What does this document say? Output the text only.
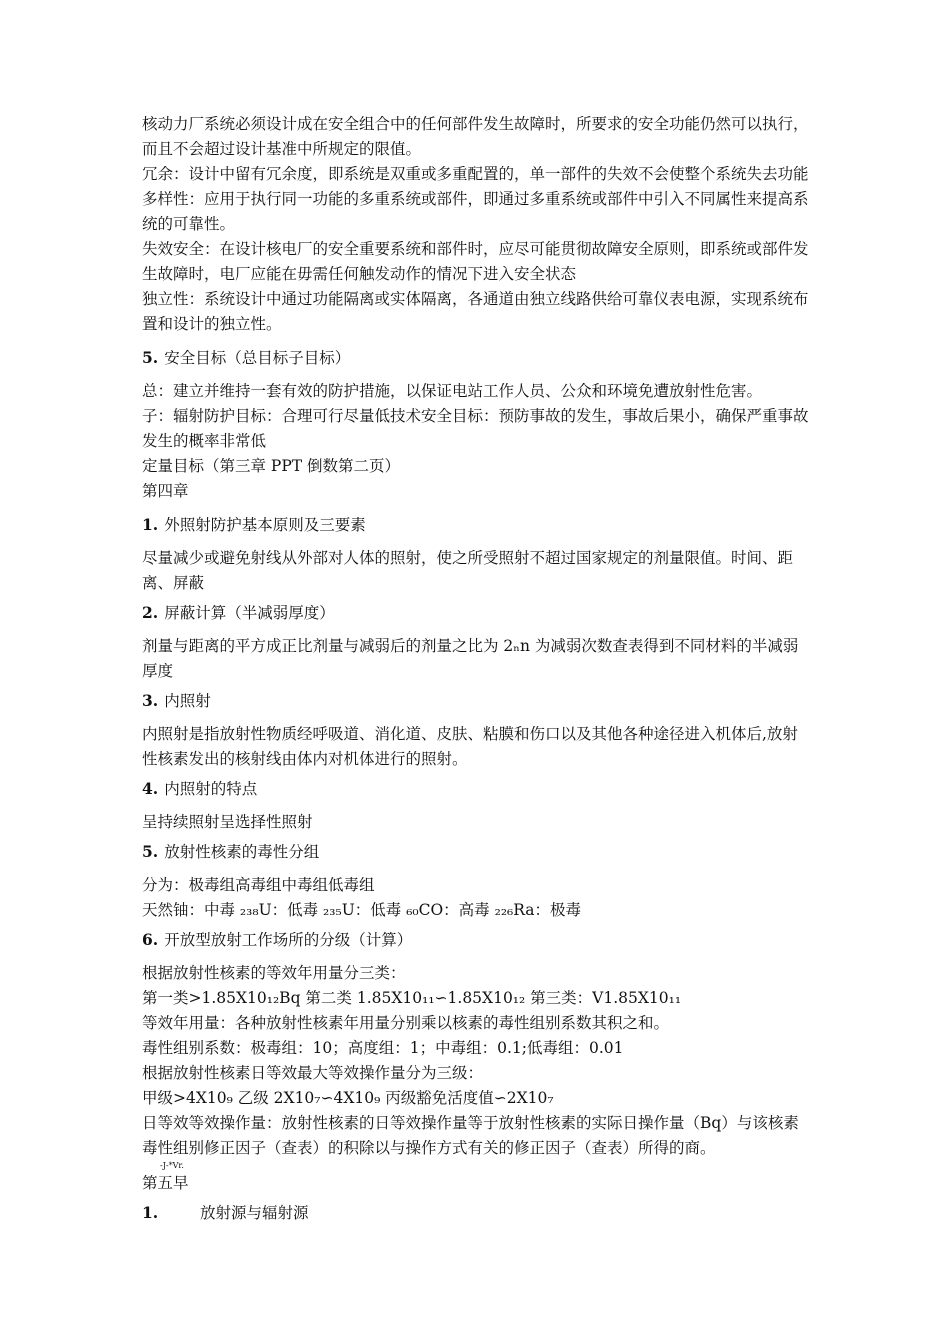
核动力厂系统必须设计成在安全组合中的任何部件发生故障时，所要求的安全功能仍然可以执行，而且不会超过设计基准中所规定的限值。

冗余：设计中留有冗余度，即系统是双重或多重配置的，单一部件的失效不会使整个系统失去功能

多样性：应用于执行同一功能的多重系统或部件，即通过多重系统或部件中引入不同属性来提高系统的可靠性。

失效安全：在设计核电厂的安全重要系统和部件时，应尽可能贯彻故障安全原则，即系统或部件发生故障时，电厂应能在毋需任何触发动作的情况下进入安全状态

独立性：系统设计中通过功能隔离或实体隔离，各通道由独立线路供给可靠仪表电源，实现系统布置和设计的独立性。

5. 安全目标（总目标子目标）

总：建立并维持一套有效的防护措施，以保证电站工作人员、公众和环境免遭放射性危害。

子：辐射防护目标：合理可行尽量低技术安全目标：预防事故的发生，事故后果小，确保严重事故发生的概率非常低

定量目标（第三章 PPT 倒数第二页）

第四章

1. 外照射防护基本原则及三要素

尽量减少或避免射线从外部对人体的照射，使之所受照射不超过国家规定的剂量限值。时间、距离、屏蔽

2. 屏蔽计算（半减弱厚度）

剂量与距离的平方成正比剂量与减弱后的剂量之比为 2ₙn 为减弱次数查表得到不同材料的半减弱厚度

3. 内照射

内照射是指放射性物质经呼吸道、消化道、皮肤、粘膜和伤口以及其他各种途径进入机体后,放射性核素发出的核射线由体内对机体进行的照射。

4. 内照射的特点

呈持续照射呈选择性照射

5. 放射性核素的毒性分组

分为：极毒组高毒组中毒组低毒组

天然铀：中毒 ₂₃₈U：低毒 ₂₃₅U：低毒 ₆₀CO：高毒 ₂₂₆Ra：极毒

6. 开放型放射工作场所的分级（计算）

根据放射性核素的等效年用量分三类：

第一类>1.85X10₁₂Bq 第二类 1.85X10₁₁∽1.85X10₁₂ 第三类：V1.85X10₁₁

等效年用量：各种放射性核素年用量分别乘以核素的毒性组别系数其积之和。

毒性组别系数：极毒组：10；高度组：1；中毒组：0.1;低毒组：0.01

根据放射性核素日等效最大等效操作量分为三级：

甲级>4X10₉ 乙级 2X10₇∽4X10₉ 丙级豁免活度值∽2X10₇

日等效等效操作量：放射性核素的日等效操作量等于放射性核素的实际日操作量（Bq）与该核素毒性组别修正因子（查表）的积除以与操作方式有关的修正因子（查表）所得的商。

-J-*Vr.

第五早

1.	放射源与辐射源
